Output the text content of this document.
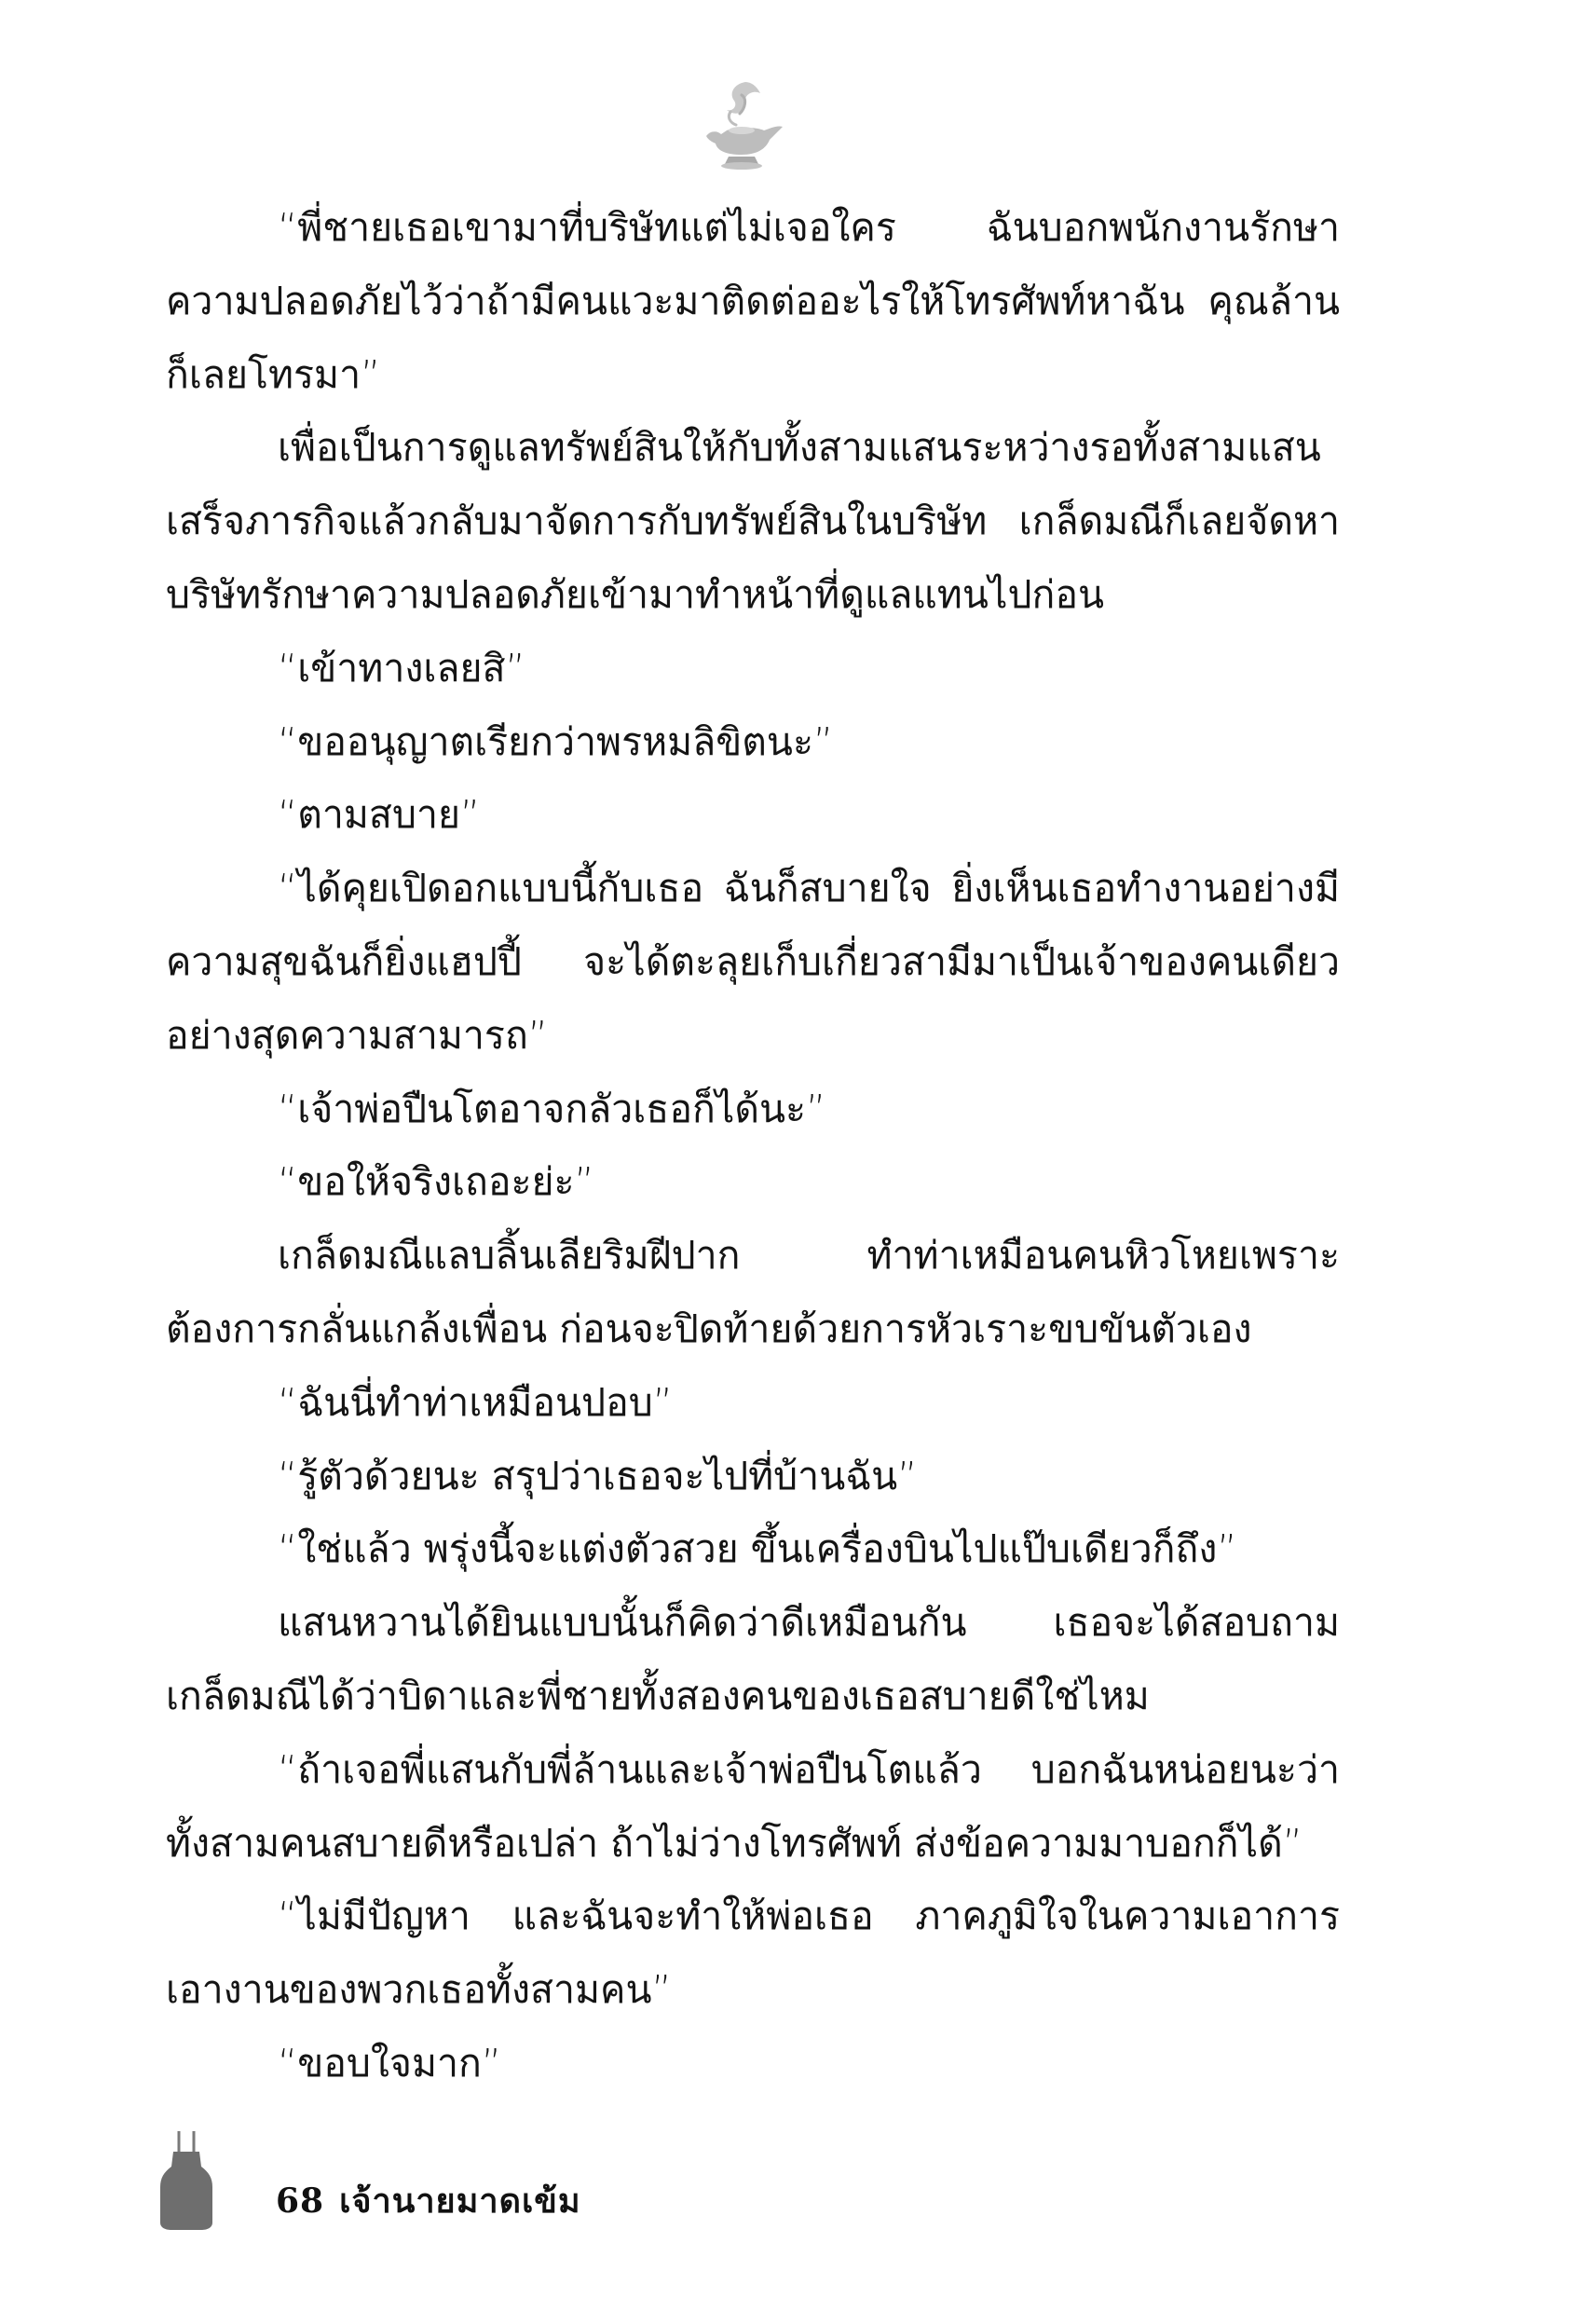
“พี่ชายเธอเขามาที่บริษัทแต่ไม่เจอใคร ฉันบอกพนักงานรักษาความปลอดภัยไว้ว่าถ้ามีคนแวะมาติดต่ออะไรให้โทรศัพท์หาฉัน คุณล้านก็เลยโทรมา”

เพื่อเป็นการดูแลทรัพย์สินให้กับทั้งสามแสนระหว่างรอทั้งสามแสนเสร็จภารกิจแล้วกลับมาจัดการกับทรัพย์สินในบริษัท เกล็ดมณีก็เลยจัดหาบริษัทรักษาความปลอดภัยเข้ามาทำหน้าที่ดูแลแทนไปก่อน

“เข้าทางเลยสิ”

“ขออนุญาตเรียกว่าพรหมลิขิตนะ”

“ตามสบาย”

“ได้คุยเปิดอกแบบนี้กับเธอ ฉันก็สบายใจ ยิ่งเห็นเธอทำงานอย่างมีความสุขฉันก็ยิ่งแฮปปี้ จะได้ตะลุยเก็บเกี่ยวสามีมาเป็นเจ้าของคนเดียวอย่างสุดความสามารถ”

“เจ้าพ่อปืนโตอาจกลัวเธอก็ได้นะ”

“ขอให้จริงเถอะย่ะ”

เกล็ดมณีแลบลิ้นเลียริมฝีปาก ทำท่าเหมือนคนหิวโหยเพราะต้องการกลั่นแกล้งเพื่อน ก่อนจะปิดท้ายด้วยการหัวเราะขบขันตัวเอง

“ฉันนี่ทำท่าเหมือนปอบ”

“รู้ตัวด้วยนะ สรุปว่าเธอจะไปที่บ้านฉัน”

“ใช่แล้ว พรุ่งนี้จะแต่งตัวสวย ขึ้นเครื่องบินไปแป๊บเดียวก็ถึง”

แสนหวานได้ยินแบบนั้นก็คิดว่าดีเหมือนกัน เธอจะได้สอบถามเกล็ดมณีได้ว่าบิดาและพี่ชายทั้งสองคนของเธอสบายดีใช่ไหม

“ถ้าเจอพี่แสนกับพี่ล้านและเจ้าพ่อปืนโตแล้ว บอกฉันหน่อยนะว่าทั้งสามคนสบายดีหรือเปล่า ถ้าไม่ว่างโทรศัพท์ ส่งข้อความมาบอกก็ได้”

“ไม่มีปัญหา และฉันจะทำให้พ่อเธอ ภาคภูมิใจในความเอาการเอางานของพวกเธอทั้งสามคน”

“ขอบใจมาก”

68 เจ้านายมาดเข้ม
